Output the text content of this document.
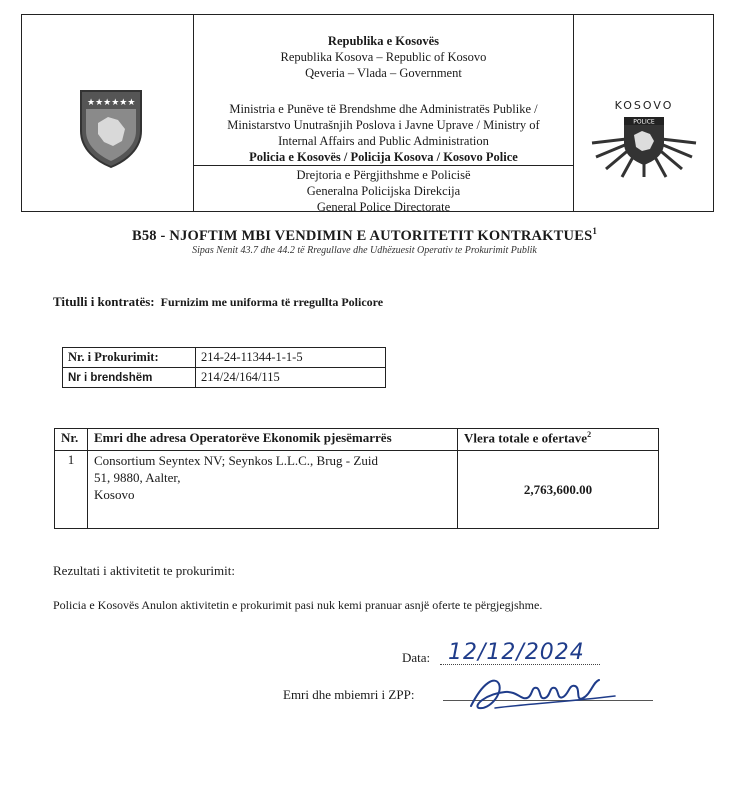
★★★★★★
Republika e Kosovës
Republika Kosova – Republic of Kosovo
Qeveria – Vlada – Government
Ministria e Punëve të Brendshme dhe Administratës Publike /
Ministarstvo Unutrašnjih Poslova i Javne Uprave / Ministry of
Internal Affairs and Public Administration
Policia e Kosovës / Policija Kosova / Kosovo Police
Drejtoria e Përgjithshme e Policisë
Generalna Policijska Direkcija
General Police Directorate
POLICE
KOSOVO
B58 - NJOFTIM MBI VENDIMIN E AUTORITETIT KONTRAKTUES$^1$
Sipas Nenit 43.7 dhe 44.2 të Rregullave dhe Udhëzuesit Operativ te Prokurimit Publik
Titulli i kontratës: Furnizim me uniforma të rregullta Policore
Nr. i Prokurimit:	214-24-11344-1-1-5
Nr i brendshëm	214/24/164/115
Nr.	Emri dhe adresa Operatorëve Ekonomik pjesëmarrës	Vlera totale e ofertave$^2$
1	Consortium Seyntex NV; Seynkos L.L.C., Brug - Zuid
51, 9880, Aalter,
Kosovo	2,763,600.00
Rezultati i aktivitetit te prokurimit:
Policia e Kosovës Anulon aktivitetin e prokurimit pasi nuk kemi pranuar asnjë oferte te përgjegjshme.
Data: 12/12/2024
Emri dhe mbiemri i ZPP:
